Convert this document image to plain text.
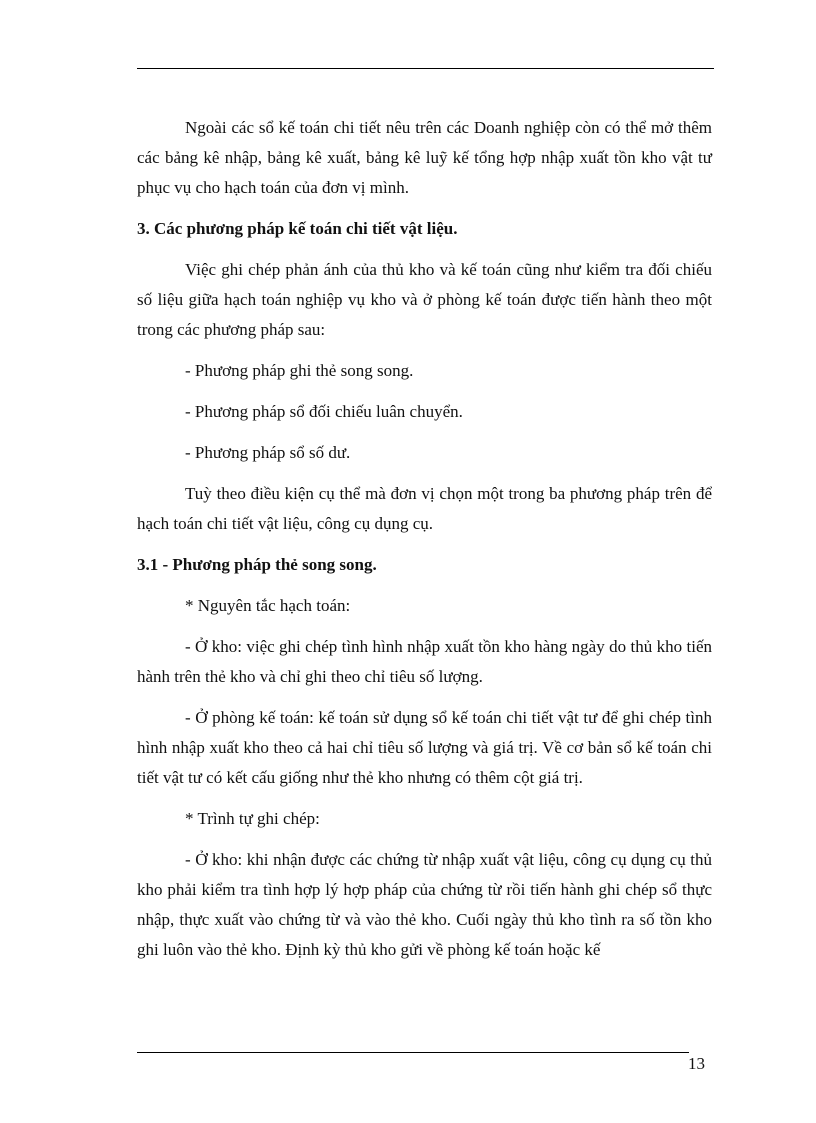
Ngoài các sổ kế toán chi tiết nêu trên các Doanh nghiệp còn có thể mở thêm các bảng kê nhập, bảng kê xuất, bảng kê luỹ kế tổng hợp nhập xuất tồn kho vật tư phục vụ cho hạch toán của đơn vị mình.

3. Các phương pháp kế toán chi tiết vật liệu.

Việc ghi chép phản ánh của thủ kho và kế toán cũng như kiểm tra đối chiếu số liệu giữa hạch toán nghiệp vụ kho và ở phòng kế toán được tiến hành theo một trong các phương pháp sau:

- Phương pháp ghi thẻ song song.

- Phương pháp sổ đối chiếu luân chuyển.

- Phương pháp sổ số dư.

Tuỳ theo điều kiện cụ thể mà đơn vị chọn một trong ba phương pháp trên để hạch toán chi tiết vật liệu, công cụ dụng cụ.

3.1 - Phương pháp thẻ song song.

* Nguyên tắc hạch toán:

- Ở kho: việc ghi chép tình hình nhập xuất tồn kho hàng ngày do thủ kho tiến hành trên thẻ kho và chỉ ghi theo chỉ tiêu số lượng.

- Ở phòng kế toán: kế toán sử dụng sổ kế toán chi tiết vật tư để ghi chép tình hình nhập xuất kho theo cả hai chỉ tiêu số lượng và giá trị. Về cơ bản sổ kế toán chi tiết vật tư có kết cấu giống như thẻ kho nhưng có thêm cột giá trị.

* Trình tự ghi chép:

- Ở kho: khi nhận được các chứng từ nhập xuất vật liệu, công cụ dụng cụ thủ kho phải kiểm tra tình hợp lý hợp pháp của chứng từ rồi tiến hành ghi chép sổ thực nhập, thực xuất vào chứng từ và vào thẻ kho. Cuối ngày thủ kho tình ra số tồn kho ghi luôn vào thẻ kho. Định kỳ thủ kho gửi về phòng kế toán hoặc kế

13
